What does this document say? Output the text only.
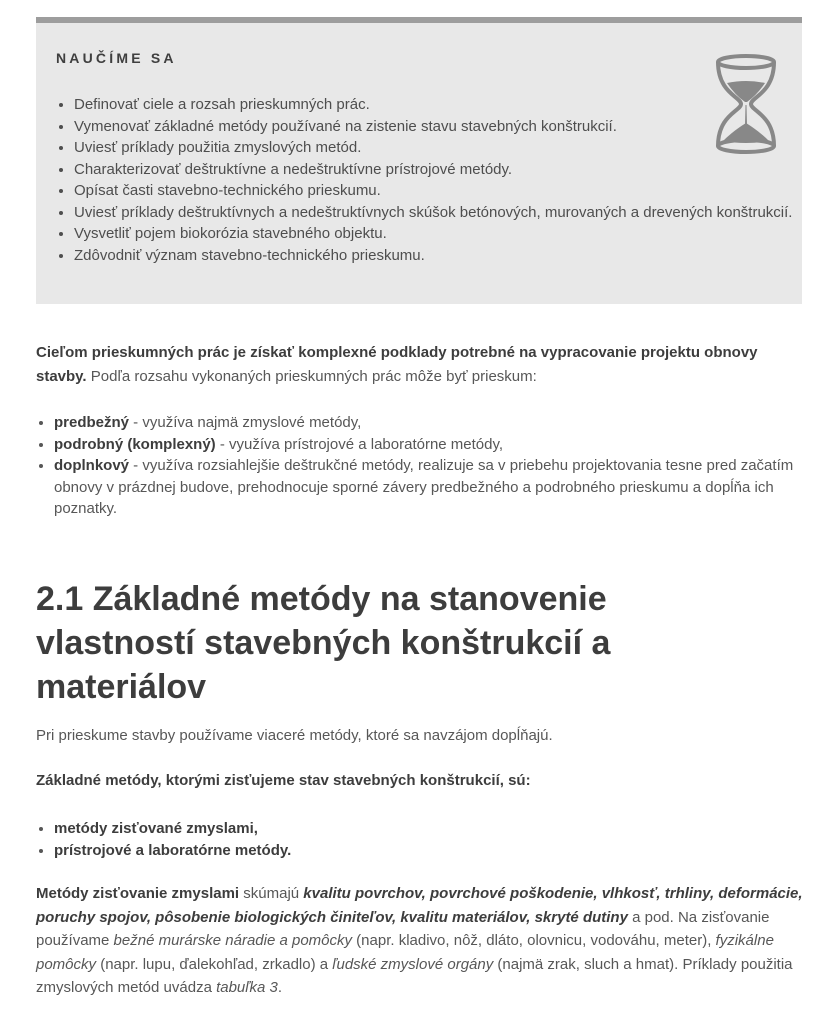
NAUČÍME SA
• Definovať ciele a rozsah prieskumných prác.
• Vymenovať základné metódy používané na zistenie stavu stavebných konštrukcií.
• Uviesť príklady použitia zmyslových metód.
• Charakterizovať deštruktívne a nedeštruktívne prístrojové metódy.
• Opísat časti stavebno-technického prieskumu.
• Uviesť príklady deštruktívnych a nedeštruktívnych skúšok betónových, murovaných a drevených konštrukcií.
• Vysvetliť pojem biokorózia stavebného objektu.
• Zdôvodniť význam stavebno-technického prieskumu.

Cieľom prieskumných prác je získať komplexné podklady potrebné na vypracovanie projektu obnovy stavby. Podľa rozsahu vykonaných prieskumných prác môže byť prieskum:

• predbežný - využíva najmä zmyslové metódy,
• podrobný (komplexný) - využíva prístrojové a laboratórne metódy,
• doplnkový - využíva rozsiahlejšie deštrukčné metódy, realizuje sa v priebehu projektovania tesne pred začatím obnovy v prázdnej budove, prehodnocuje sporné závery predbežného a podrobného prieskumu a dopĺňa ich poznatky.
2.1 Základné metódy na stanovenie vlastností stavebných konštrukcií a materiálov

Pri prieskume stavby používame viaceré metódy, ktoré sa navzájom dopĺňajú.

Základné metódy, ktorými zisťujeme stav stavebných konštrukcií, sú:

• metódy zisťované zmyslami,
• prístrojové a laboratórne metódy.

Metódy zisťovanie zmyslami skúmajú kvalitu povrchov, povrchové poškodenie, vlhkosť, trhliny, deformácie, poruchy spojov, pôsobenie biologických činiteľov, kvalitu materiálov, skryté dutiny a pod. Na zisťovanie používame bežné murárske náradie a pomôcky (napr. kladivo, nôž, dláto, olovnicu, vodováhu, meter), fyzikálne pomôcky (napr. lupu, ďalekohľad, zrkadlo) a ľudské zmyslové orgány (najmä zrak, sluch a hmat). Príklady použitia zmyslových metód uvádza tabuľka 3.
